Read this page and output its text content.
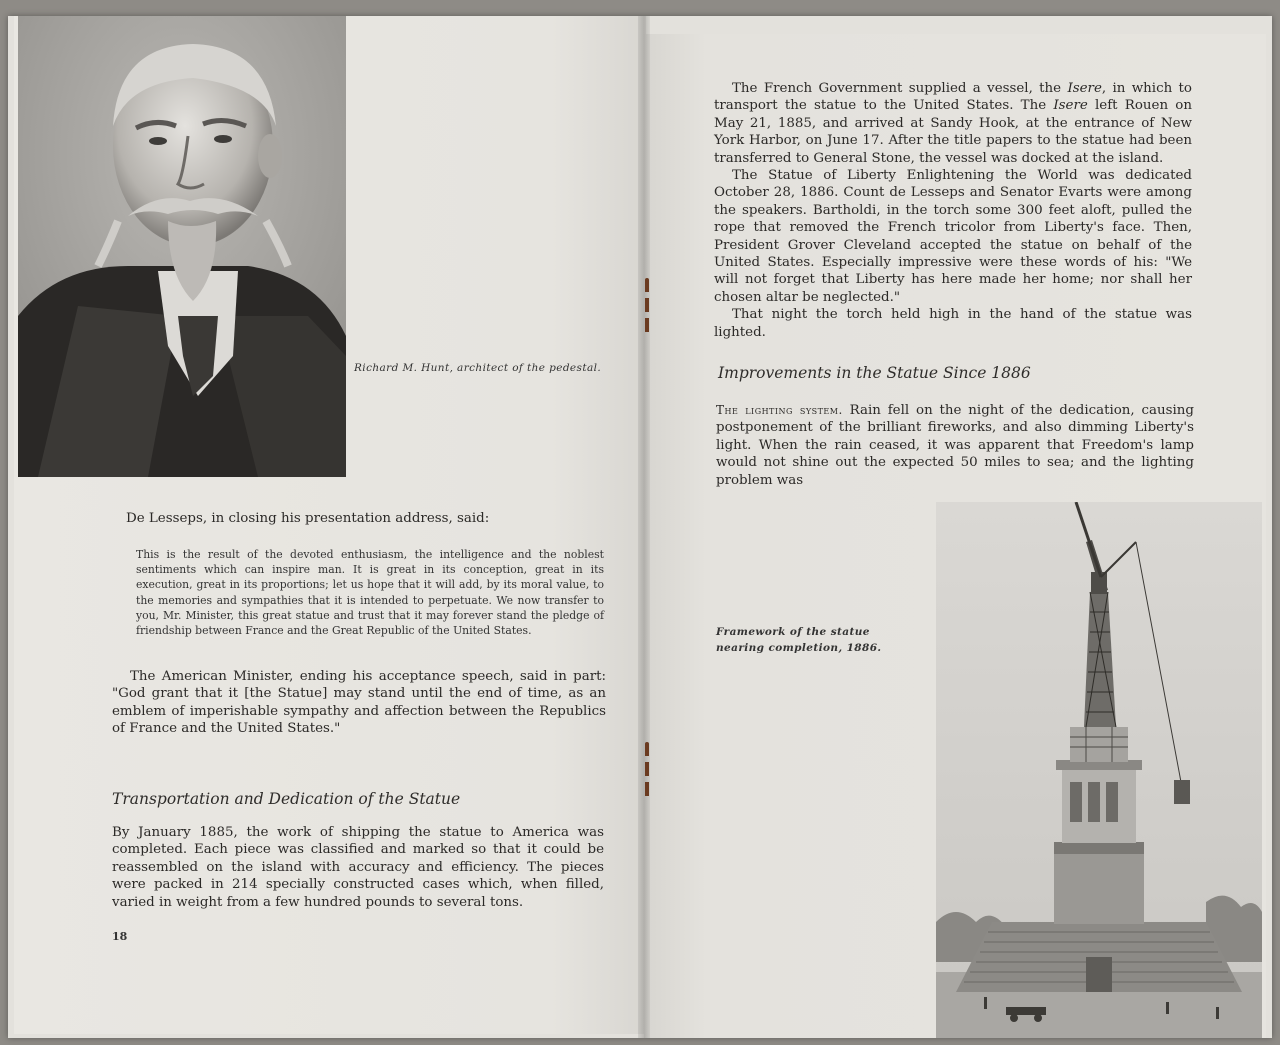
Richard M. Hunt, architect of the pedestal.

De Lesseps, in closing his presentation address, said:

This is the result of the devoted enthusiasm, the intelligence and the noblest sentiments which can inspire man. It is great in its conception, great in its execution, great in its proportions; let us hope that it will add, by its moral value, to the memories and sympathies that it is intended to perpetuate. We now transfer to you, Mr. Minister, this great statue and trust that it may forever stand the pledge of friendship between France and the Great Republic of the United States.

The American Minister, ending his acceptance speech, said in part: "God grant that it [the Statue] may stand until the end of time, as an emblem of imperishable sympathy and affection between the Republics of France and the United States."

Transportation and Dedication of the Statue

By January 1885, the work of shipping the statue to America was completed. Each piece was classified and marked so that it could be reassembled on the island with accuracy and efficiency. The pieces were packed in 214 specially constructed cases which, when filled, varied in weight from a few hundred pounds to several tons.

18

The French Government supplied a vessel, the Isere, in which to transport the statue to the United States. The Isere left Rouen on May 21, 1885, and arrived at Sandy Hook, at the entrance of New York Harbor, on June 17. After the title papers to the statue had been transferred to General Stone, the vessel was docked at the island.

The Statue of Liberty Enlightening the World was dedicated October 28, 1886. Count de Lesseps and Senator Evarts were among the speakers. Bartholdi, in the torch some 300 feet aloft, pulled the rope that removed the French tricolor from Liberty's face. Then, President Grover Cleveland accepted the statue on behalf of the United States. Especially impressive were these words of his: "We will not forget that Liberty has here made her home; nor shall her chosen altar be neglected."

That night the torch held high in the hand of the statue was lighted.

Improvements in the Statue Since 1886

The lighting system. Rain fell on the night of the dedication, causing postponement of the brilliant fireworks, and also dimming Liberty's light. When the rain ceased, it was apparent that Freedom's lamp would not shine out the expected 50 miles to sea; and the lighting problem was

Framework of the statue nearing completion, 1886.
